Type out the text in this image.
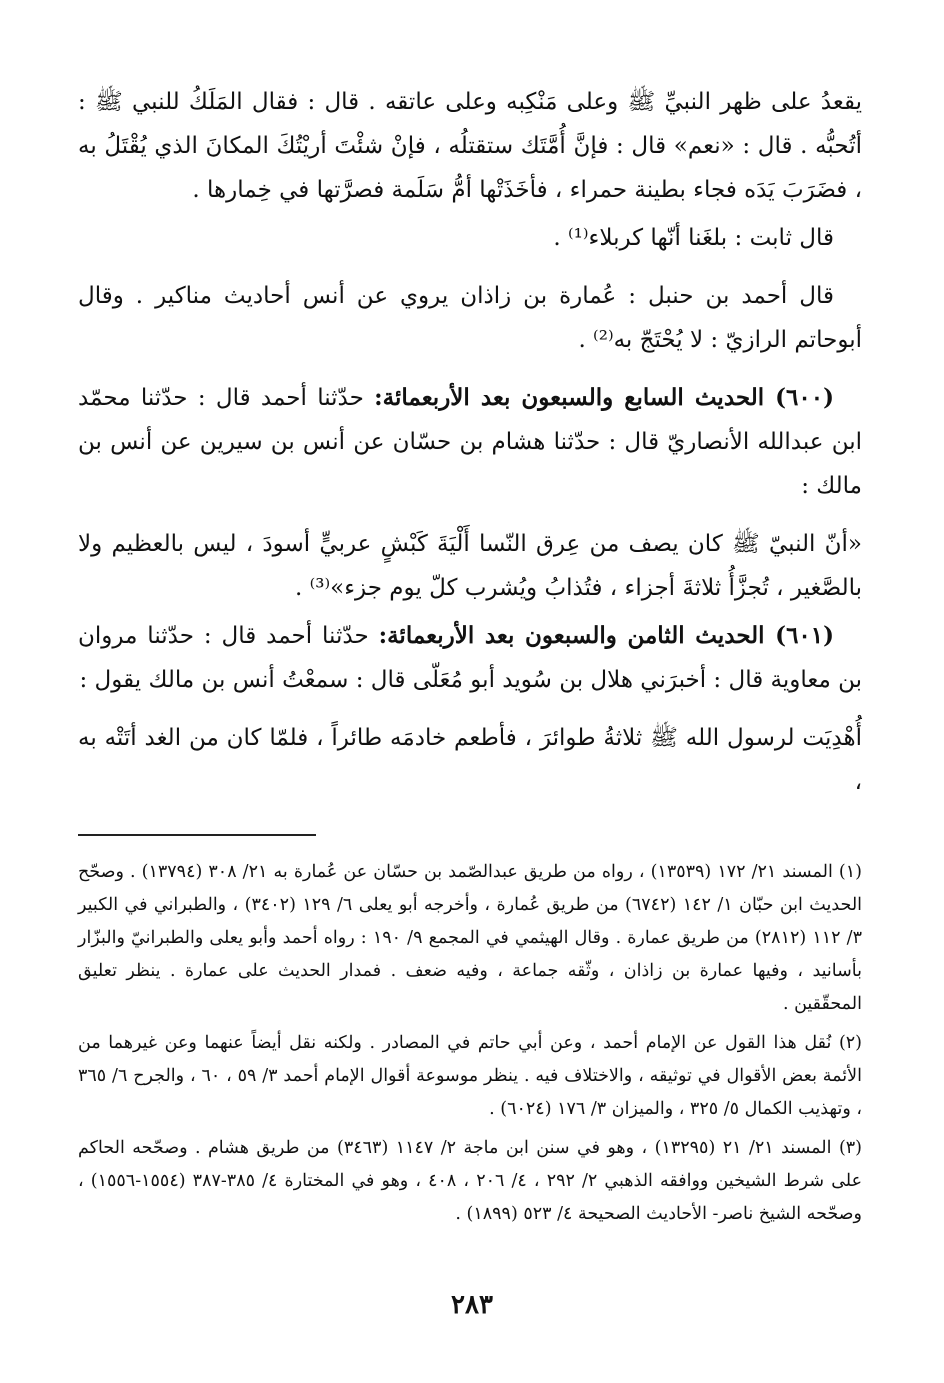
يقعدُ على ظهر النبيِّ ﷺ وعلى مَنْكِبه وعلى عاتقه . قال : فقال المَلَكُ للنبي ﷺ : أتُحبُّه . قال : «نعم» قال : فإنَّ أُمَّتَك ستقتلُه ، فإنْ شئْتَ أريْتُكَ المكانَ الذي يُقْتَلُ به ، فضَرَبَ يَدَه فجاء بطينة حمراء ، فأخَذَتْها أمُّ سَلَمة فصرَّتها في خِمارها .

قال ثابت : بلغَنا أنّها كربلاء⁽¹⁾ .

قال أحمد بن حنبل : عُمارة بن زاذان يروي عن أنس أحاديث مناكير . وقال أبوحاتم الرازيّ : لا يُحْتَجّ به⁽²⁾ .

(٦٠٠) الحديث السابع والسبعون بعد الأربعمائة: حدّثنا أحمد قال : حدّثنا محمّد ابن عبدالله الأنصاريّ قال : حدّثنا هشام بن حسّان عن أنس بن سيرين عن أنس بن مالك :

«أنّ النبيّ ﷺ كان يصف من عِرق النّسا أَلْيَةَ كَبْشٍ عربيٍّ أسودَ ، ليس بالعظيم ولا بالصَّغير ، تُجزَّأُ ثلاثةَ أجزاء ، فتُذابُ ويُشرب كلّ يوم جزء»⁽³⁾ .

(٦٠١) الحديث الثامن والسبعون بعد الأربعمائة: حدّثنا أحمد قال : حدّثنا مروان بن معاوية قال : أخبرَني هلال بن سُويد أبو مُعَلّى قال : سمعْتُ أنس بن مالك يقول :

أُهْدِيَت لرسول الله ﷺ ثلاثةُ طوائرَ ، فأطعم خادمَه طائراً ، فلمّا كان من الغد أتَتْه به ،

(١) المسند ٢١/ ١٧٢ (١٣٥٣٩) ، رواه من طريق عبدالصّمد بن حسّان عن عُمارة به ٢١/ ٣٠٨ (١٣٧٩٤) . وصحّح الحديث ابن حبّان ١/ ١٤٢ (٦٧٤٢) من طريق عُمارة ، وأخرجه أبو يعلى ٦/ ١٢٩ (٣٤٠٢) ، والطبراني في الكبير ٣/ ١١٢ (٢٨١٢) من طريق عمارة . وقال الهيثمي في المجمع ٩/ ١٩٠ : رواه أحمد وأبو يعلى والطبرانيّ والبزّار بأسانيد ، وفيها عمارة بن زاذان ، وثّقه جماعة ، وفيه ضعف . فمدار الحديث على عمارة . ينظر تعليق المحقّقين .

(٢) نُقل هذا القول عن الإمام أحمد ، وعن أبي حاتم في المصادر . ولكنه نقل أيضاً عنهما وعن غيرهما من الأئمة بعض الأقوال في توثيقه ، والاختلاف فيه . ينظر موسوعة أقوال الإمام أحمد ٣/ ٥٩ ، ٦٠ ، والجرح ٦/ ٣٦٥ ، وتهذيب الكمال ٥/ ٣٢٥ ، والميزان ٣/ ١٧٦ (٦٠٢٤) .

(٣) المسند ٢١/ ٢١ (١٣٢٩٥) ، وهو في سنن ابن ماجة ٢/ ١١٤٧ (٣٤٦٣) من طريق هشام . وصحّحه الحاكم على شرط الشيخين ووافقه الذهبي ٢/ ٢٩٢ ، ٤/ ٢٠٦ ، ٤٠٨ ، وهو في المختارة ٤/ ٣٨٥-٣٨٧ (١٥٥٤-١٥٥٦) ، وصحّحه الشيخ ناصر- الأحاديث الصحيحة ٤/ ٥٢٣ (١٨٩٩) .

٢٨٣
